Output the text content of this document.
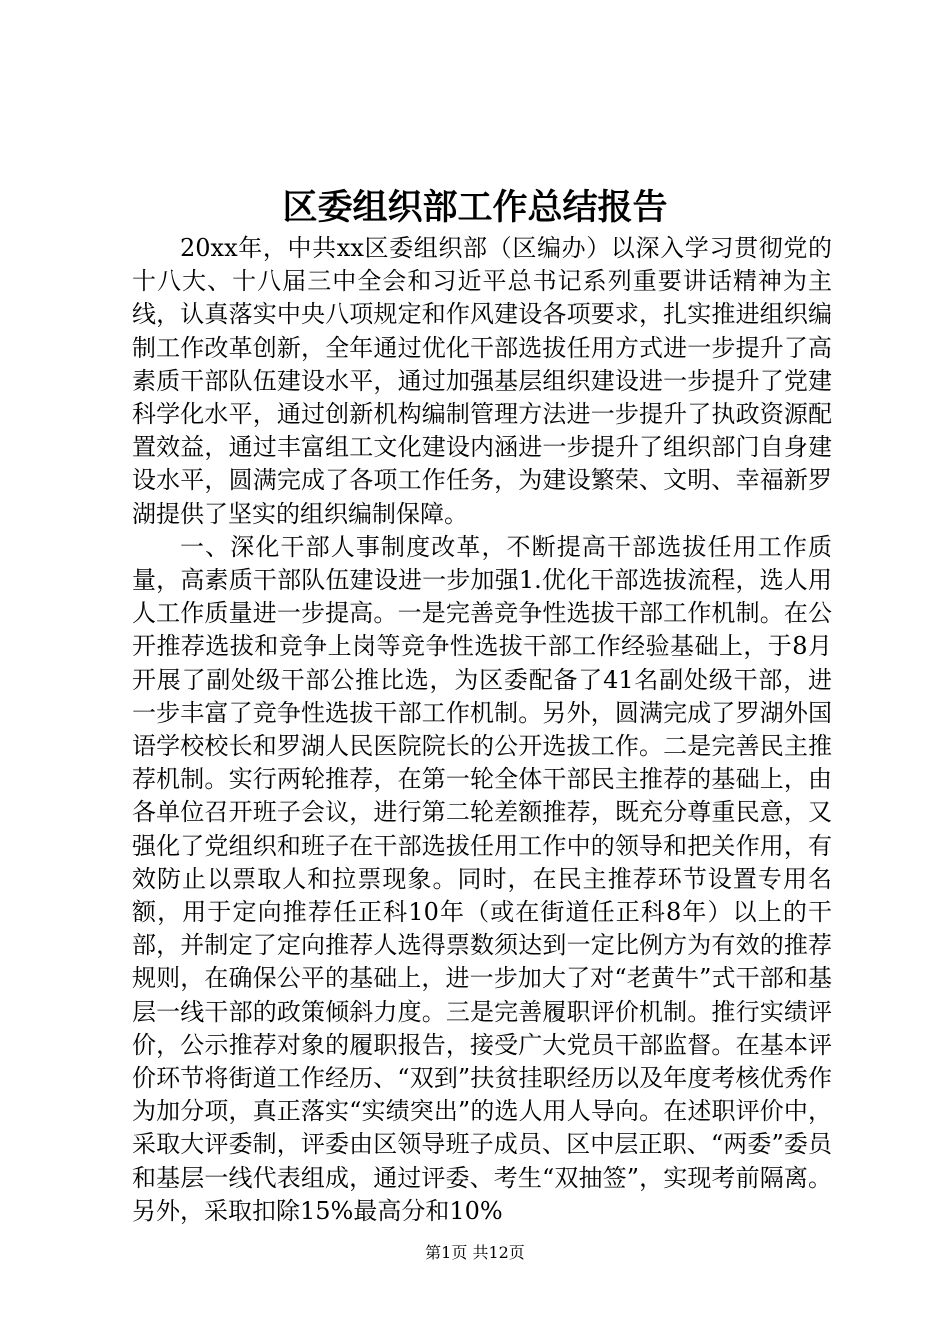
区委组织部工作总结报告

20xx年，中共xx区委组织部（区编办）以深入学习贯彻党的十八大、十八届三中全会和习近平总书记系列重要讲话精神为主线，认真落实中央八项规定和作风建设各项要求，扎实推进组织编制工作改革创新，全年通过优化干部选拔任用方式进一步提升了高素质干部队伍建设水平，通过加强基层组织建设进一步提升了党建科学化水平，通过创新机构编制管理方法进一步提升了执政资源配置效益，通过丰富组工文化建设内涵进一步提升了组织部门自身建设水平，圆满完成了各项工作任务，为建设繁荣、文明、幸福新罗湖提供了坚实的组织编制保障。

一、深化干部人事制度改革，不断提高干部选拔任用工作质量，高素质干部队伍建设进一步加强1.优化干部选拔流程，选人用人工作质量进一步提高。一是完善竞争性选拔干部工作机制。在公开推荐选拔和竞争上岗等竞争性选拔干部工作经验基础上，于8月开展了副处级干部公推比选，为区委配备了41名副处级干部，进一步丰富了竞争性选拔干部工作机制。另外，圆满完成了罗湖外国语学校校长和罗湖人民医院院长的公开选拔工作。二是完善民主推荐机制。实行两轮推荐，在第一轮全体干部民主推荐的基础上，由各单位召开班子会议，进行第二轮差额推荐，既充分尊重民意，又强化了党组织和班子在干部选拔任用工作中的领导和把关作用，有效防止以票取人和拉票现象。同时，在民主推荐环节设置专用名额，用于定向推荐任正科10年（或在街道任正科8年）以上的干部，并制定了定向推荐人选得票数须达到一定比例方为有效的推荐规则，在确保公平的基础上，进一步加大了对“老黄牛”式干部和基层一线干部的政策倾斜力度。三是完善履职评价机制。推行实绩评价，公示推荐对象的履职报告，接受广大党员干部监督。在基本评价环节将街道工作经历、“双到”扶贫挂职经历以及年度考核优秀作为加分项，真正落实“实绩突出”的选人用人导向。在述职评价中，采取大评委制，评委由区领导班子成员、区中层正职、“两委”委员和基层一线代表组成，通过评委、考生“双抽签”，实现考前隔离。另外，采取扣除15%最高分和10%

第1页 共12页
